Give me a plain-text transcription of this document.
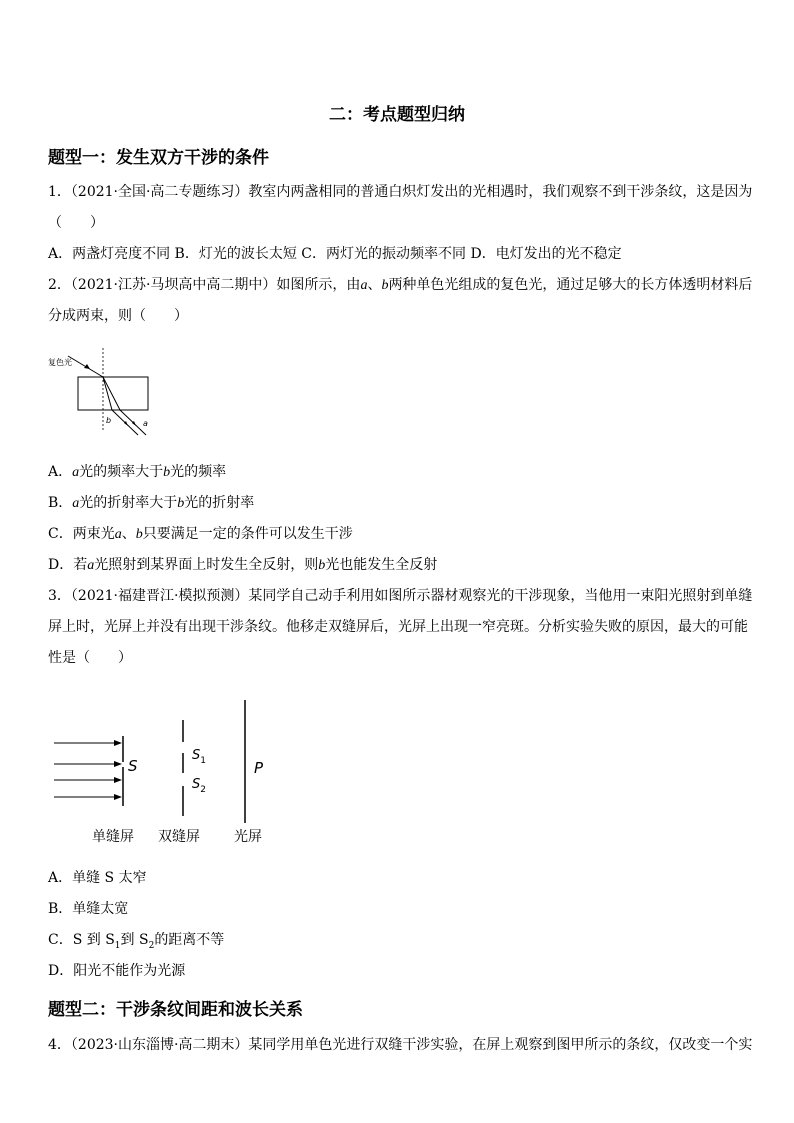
二：考点题型归纳
题型一：发生双方干涉的条件
1．（2021·全国·高二专题练习）教室内两盏相同的普通白炽灯发出的光相遇时，我们观察不到干涉条纹，这是因为
（　　）
A．两盏灯亮度不同 B．灯光的波长太短 C．两灯光的振动频率不同 D．电灯发出的光不稳定
2．（2021·江苏·马坝高中高二期中）如图所示，由a、b两种单色光组成的复色光，通过足够大的长方体透明材料后
分成两束，则（　　）
复色光
b	a
A．a光的频率大于b光的频率
B．a光的折射率大于b光的折射率
C．两束光a、b只要满足一定的条件可以发生干涉
D．若a光照射到某界面上时发生全反射，则b光也能发生全反射
3．（2021·福建晋江·模拟预测）某同学自己动手利用如图所示器材观察光的干涉现象，当他用一束阳光照射到单缝
屏上时，光屏上并没有出现干涉条纹。他移走双缝屏后，光屏上出现一窄亮斑。分析实验失败的原因，最大的可能
性是（　　）
S
$S_1$
$S_2$
P
单缝屏 双缝屏 光屏
A．单缝 S 太窄
B．单缝太宽
C．S 到 $S_1$到 $S_2$的距离不等
D．阳光不能作为光源
题型二：干涉条纹间距和波长关系
4．（2023·山东淄博·高二期末）某同学用单色光进行双缝干涉实验，在屏上观察到图甲所示的条纹，仅改变一个实
